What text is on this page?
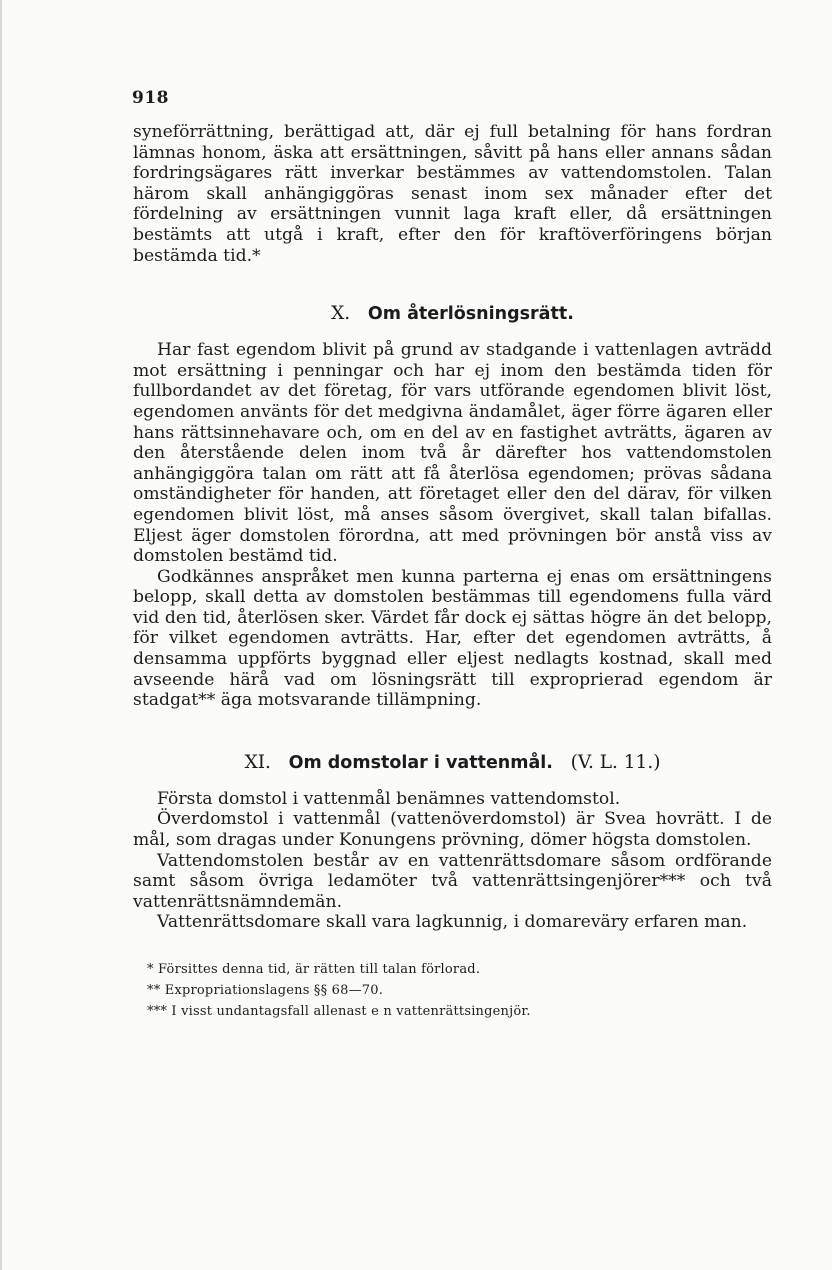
918

syneförrättning, berättigad att, där ej full betalning för hans fordran lämnas honom, äska att ersättningen, såvitt på hans eller annans sådan fordringsägares rätt inverkar bestämmes av vattendomstolen. Talan härom skall anhängiggöras senast inom sex månader efter det fördelning av ersättningen vunnit laga kraft eller, då ersättningen bestämts att utgå i kraft, efter den för kraftöverföringens början bestämda tid.*

X. Om återlösningsrätt.

Har fast egendom blivit på grund av stadgande i vattenlagen avträdd mot ersättning i penningar och har ej inom den bestämda tiden för fullbordandet av det företag, för vars utförande egendomen blivit löst, egendomen använts för det medgivna ändamålet, äger förre ägaren eller hans rättsinnehavare och, om en del av en fastighet avträtts, ägaren av den återstående delen inom två år därefter hos vattendomstolen anhängiggöra talan om rätt att få återlösa egendomen; prövas sådana omständigheter för handen, att företaget eller den del därav, för vilken egendomen blivit löst, må anses såsom övergivet, skall talan bifallas. Eljest äger domstolen förordna, att med prövningen bör anstå viss av domstolen bestämd tid.

Godkännes anspråket men kunna parterna ej enas om ersättningens belopp, skall detta av domstolen bestämmas till egendomens fulla värd vid den tid, återlösen sker. Värdet får dock ej sättas högre än det belopp, för vilket egendomen avträtts. Har, efter det egendomen avträtts, å densamma uppförts byggnad eller eljest nedlagts kostnad, skall med avseende härå vad om lösningsrätt till exproprierad egendom är stadgat** äga motsvarande tillämpning.

XI. Om domstolar i vattenmål. (V. L. 11.)

Första domstol i vattenmål benämnes vattendomstol.

Överdomstol i vattenmål (vattenöverdomstol) är Svea hovrätt. I de mål, som dragas under Konungens prövning, dömer högsta domstolen.

Vattendomstolen består av en vattenrättsdomare såsom ordförande samt såsom övriga ledamöter två vattenrättsingenjörer*** och två vattenrättsnämndemän.

Vattenrättsdomare skall vara lagkunnig, i domareväry erfaren man.

* Försittes denna tid, är rätten till talan förlorad.
** Expropriationslagens §§ 68—70.
*** I visst undantagsfall allenast e n vattenrättsingenjör.
